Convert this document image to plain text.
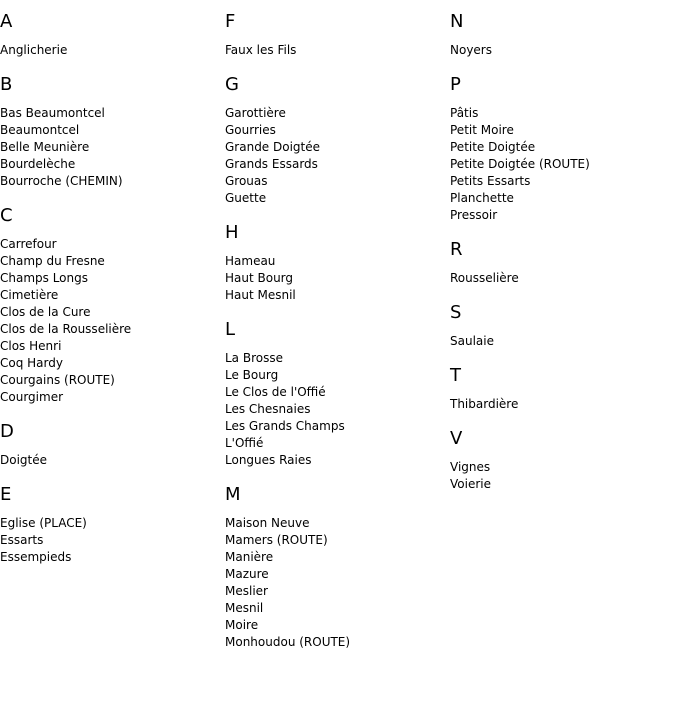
A
Anglicherie
B
Bas Beaumontcel
Beaumontcel
Belle Meunière
Bourdelèche
Bourroche (CHEMIN)
C
Carrefour
Champ du Fresne
Champs Longs
Cimetière
Clos de la Cure
Clos de la Rousselière
Clos Henri
Coq Hardy
Courgains (ROUTE)
Courgimer
D
Doigtée
E
Eglise (PLACE)
Essarts
Essempieds
F
Faux les Fils
G
Garottière
Gourries
Grande Doigtée
Grands Essards
Grouas
Guette
H
Hameau
Haut Bourg
Haut Mesnil
L
La Brosse
Le Bourg
Le Clos de l'Offié
Les Chesnaies
Les Grands Champs
L'Offié
Longues Raies
M
Maison Neuve
Mamers (ROUTE)
Manière
Mazure
Meslier
Mesnil
Moire
Monhoudou (ROUTE)
N
Noyers
P
Pâtis
Petit Moire
Petite Doigtée
Petite Doigtée (ROUTE)
Petits Essarts
Planchette
Pressoir
R
Rousselière
S
Saulaie
T
Thibardière
V
Vignes
Voierie
